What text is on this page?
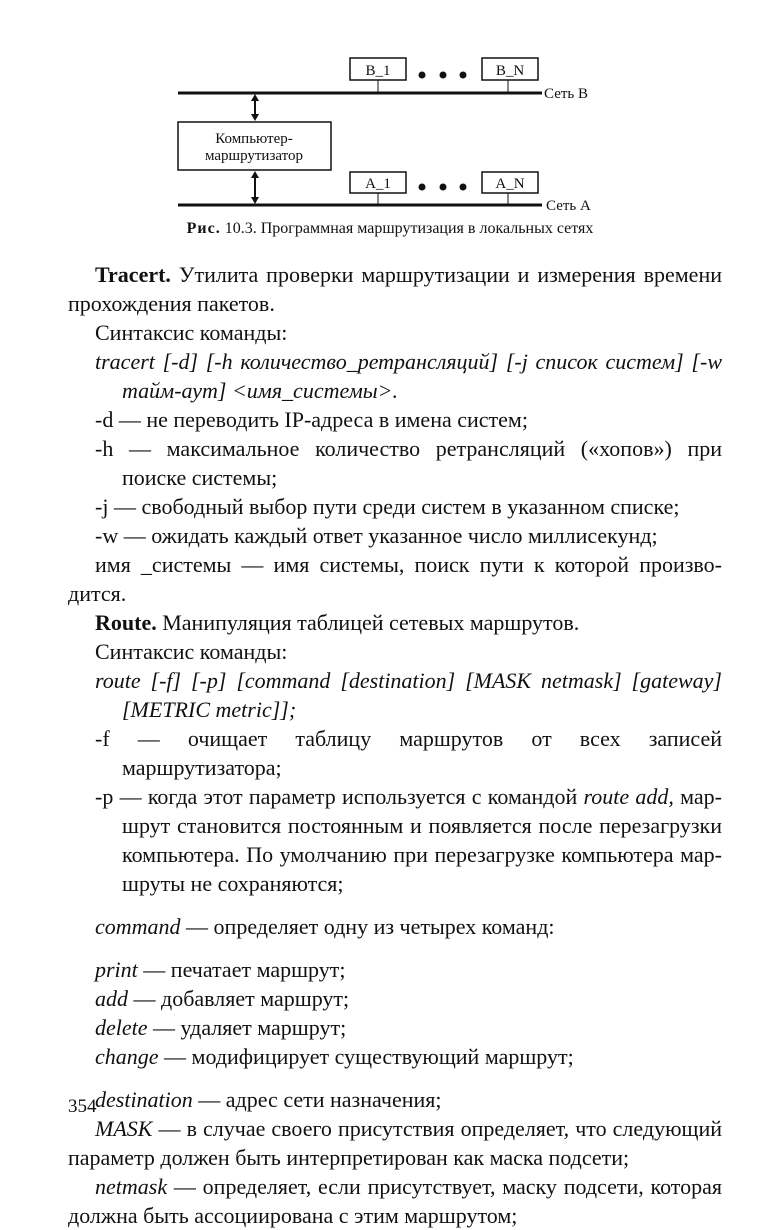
B_1	B_N
A_1	A_N
Сеть B
Сеть A
Компьютер-
маршрутизатор
Рис. 10.3. Программная маршрутизация в локальных сетях

Tracert. Утилита проверки маршрутизации и измерения времени прохождения пакетов.

Синтаксис команды:

tracert [-d] [-h количество_ретрансляций] [-j список систем] [-w тайм-аут] <имя_системы>.

-d — не переводить IP-адреса в имена систем;

-h — максимальное количество ретрансляций («хопов») при поиске системы;

-j — свободный выбор пути среди систем в указанном списке;

-w — ожидать каждый ответ указанное число миллисекунд;

имя _системы — имя системы, поиск пути к которой производится.

Route. Манипуляция таблицей сетевых маршрутов.

Синтаксис команды:

route [-f] [-p] [command [destination] [MASK netmask] [gateway] [METRIC metric]];

-f — очищает таблицу маршрутов от всех записей маршрутизатора;

-p — когда этот параметр используется с командой route add, маршрут становится постоянным и появляется после перезагрузки компьютера. По умолчанию при перезагрузке компьютера маршруты не сохраняются;

command — определяет одну из четырех команд:

print — печатает маршрут;

add — добавляет маршрут;

delete — удаляет маршрут;

change — модифицирует существующий маршрут;

destination — адрес сети назначения;

MASK — в случае своего присутствия определяет, что следующий параметр должен быть интерпретирован как маска подсети;

netmask — определяет, если присутствует, маску подсети, которая должна быть ассоциирована с этим маршрутом;

354
